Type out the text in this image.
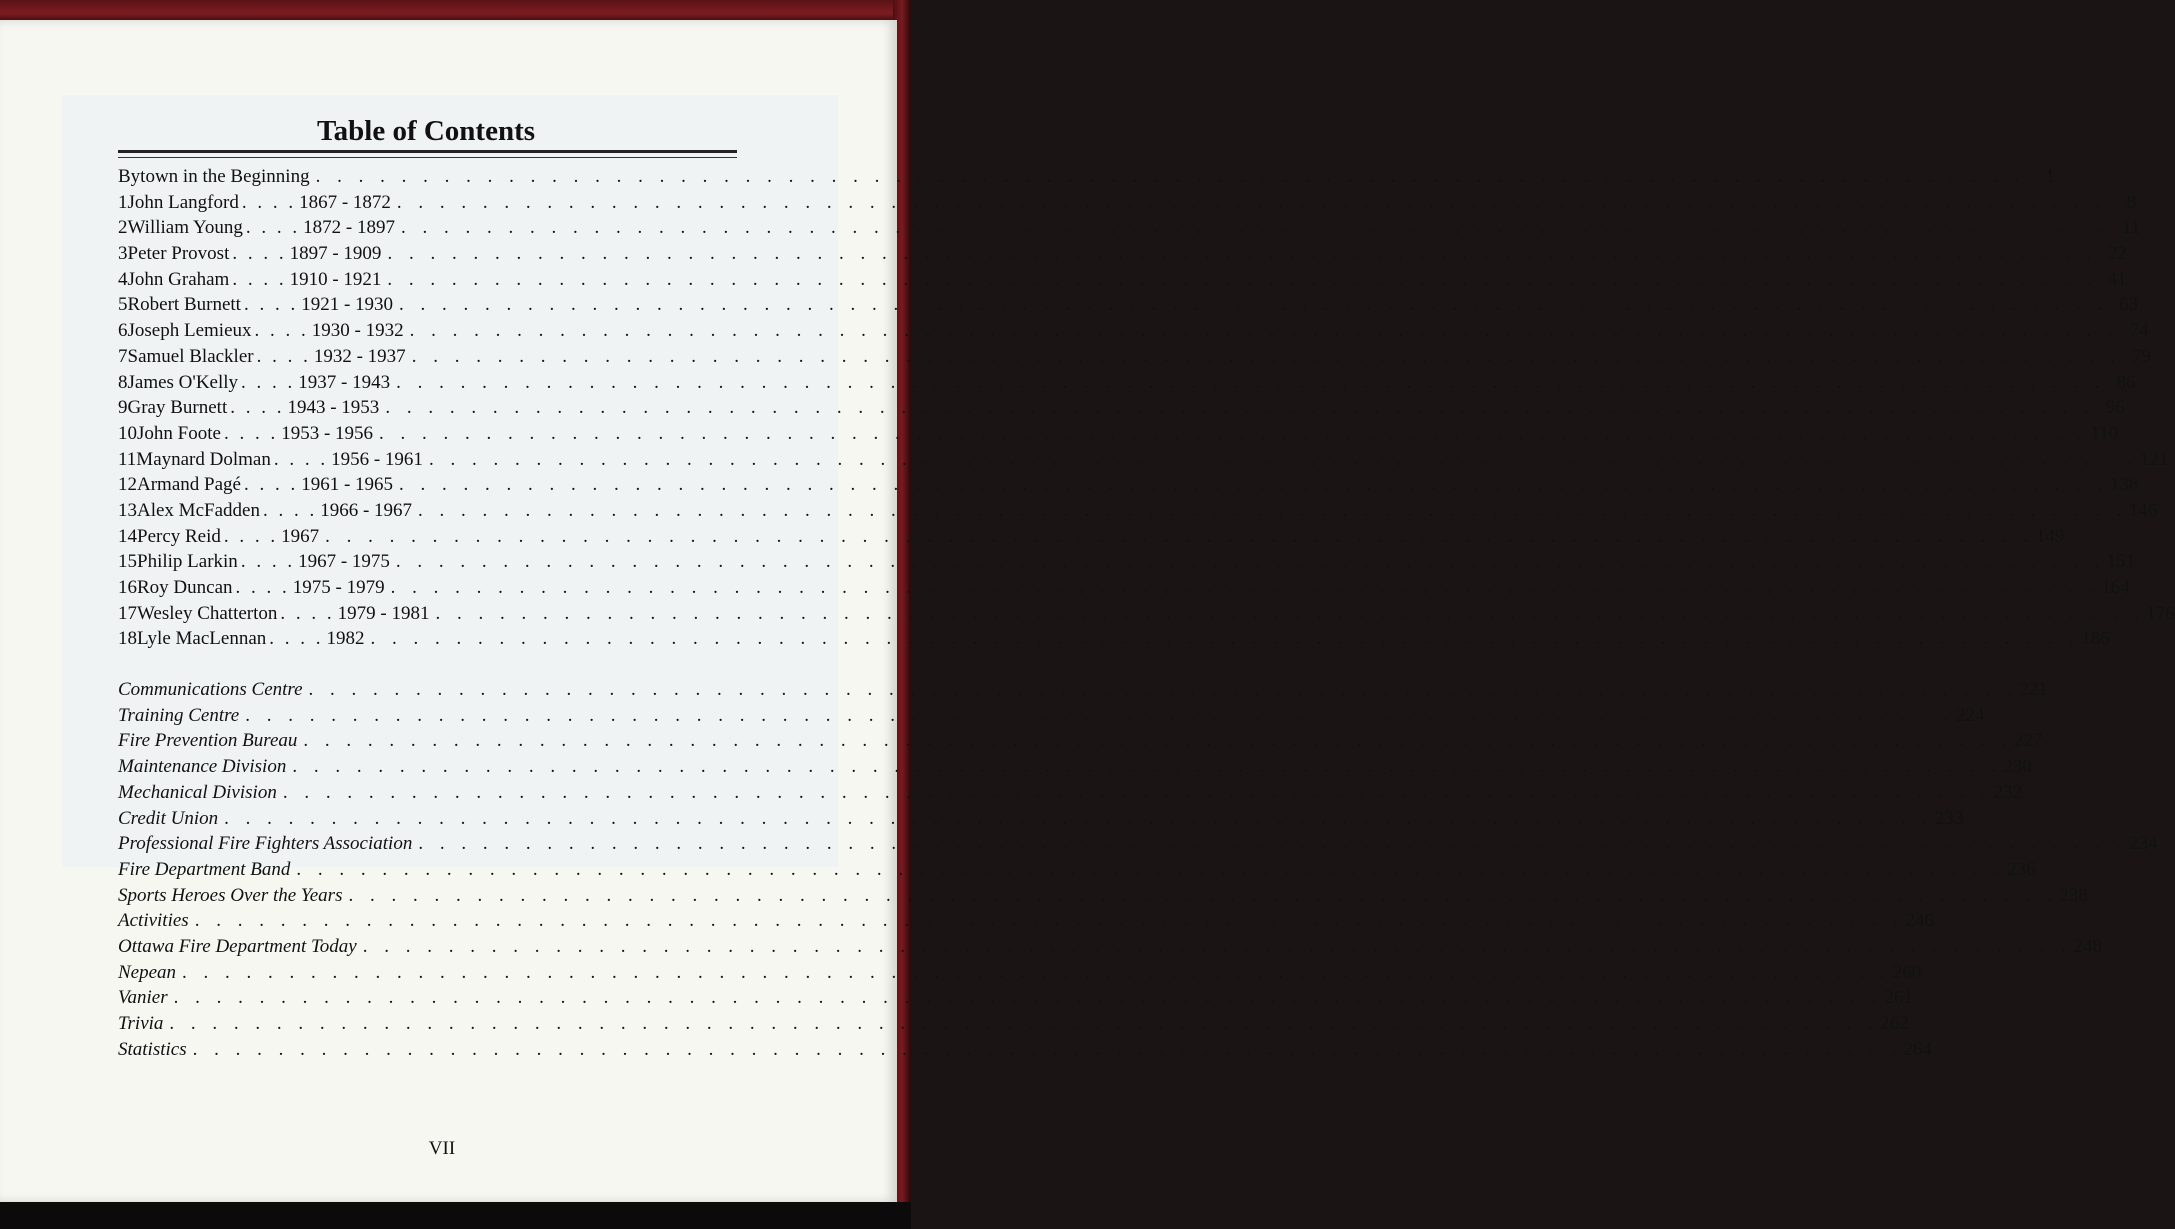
Table of Contents
Bytown in the Beginning . . . . . . . . . . . . . . . . . . . . . . . . . . . . . . . . . . . . . . . . . . . . . . . . . . . . . . . . . . . . . . . . . . . . . . . . . . . . . . . .	1
1 John Langford . . . . 1867 - 1872 . . . . . . . . . . . . . . . . . . . . . . . . . . . . . . . . . . . . . . . . . . . . . . . . . . . . . . . . . . . . . . . . . . . . . . . . . . . . . . . .	8
2 William Young . . . . 1872 - 1897 . . . . . . . . . . . . . . . . . . . . . . . . . . . . . . . . . . . . . . . . . . . . . . . . . . . . . . . . . . . . . . . . . . . . . . . . . . . . . . . . 11
3 Peter Provost . . . . 1897 - 1909 . . . . . . . . . . . . . . . . . . . . . . . . . . . . . . . . . . . . . . . . . . . . . . . . . . . . . . . . . . . . . . . . . . . . . . . . . . . . . . . . 22
4 John Graham . . . . 1910 - 1921 . . . . . . . . . . . . . . . . . . . . . . . . . . . . . . . . . . . . . . . . . . . . . . . . . . . . . . . . . . . . . . . . . . . . . . . . . . . . . . . . 41
5 Robert Burnett . . . . 1921 - 1930 . . . . . . . . . . . . . . . . . . . . . . . . . . . . . . . . . . . . . . . . . . . . . . . . . . . . . . . . . . . . . . . . . . . . . . . . . . . . . . . . 63
6 Joseph Lemieux . . . . 1930 - 1932 . . . . . . . . . . . . . . . . . . . . . . . . . . . . . . . . . . . . . . . . . . . . . . . . . . . . . . . . . . . . . . . . . . . . . . . . . . . . . . . . 74
7 Samuel Blackler . . . . 1932 - 1937 . . . . . . . . . . . . . . . . . . . . . . . . . . . . . . . . . . . . . . . . . . . . . . . . . . . . . . . . . . . . . . . . . . . . . . . . . . . . . . . . 79
8 James O'Kelly . . . . 1937 - 1943 . . . . . . . . . . . . . . . . . . . . . . . . . . . . . . . . . . . . . . . . . . . . . . . . . . . . . . . . . . . . . . . . . . . . . . . . . . . . . . . . 86
9 Gray Burnett . . . . 1943 - 1953 . . . . . . . . . . . . . . . . . . . . . . . . . . . . . . . . . . . . . . . . . . . . . . . . . . . . . . . . . . . . . . . . . . . . . . . . . . . . . . . . 96
10 John Foote . . . . 1953 - 1956 . . . . . . . . . . . . . . . . . . . . . . . . . . . . . . . . . . . . . . . . . . . . . . . . . . . . . . . . . . . . . . . . . . . . . . . . . . . . . . . . 110
11 Maynard Dolman . . . . 1956 - 1961 . . . . . . . . . . . . . . . . . . . . . . . . . . . . . . . . . . . . . . . . . . . . . . . . . . . . . . . . . . . . . . . . . . . . . . . . . . . . . . . . 121
12 Armand Pagé . . . . 1961 - 1965 . . . . . . . . . . . . . . . . . . . . . . . . . . . . . . . . . . . . . . . . . . . . . . . . . . . . . . . . . . . . . . . . . . . . . . . . . . . . . . . . 138
13 Alex McFadden . . . . 1966 - 1967 . . . . . . . . . . . . . . . . . . . . . . . . . . . . . . . . . . . . . . . . . . . . . . . . . . . . . . . . . . . . . . . . . . . . . . . . . . . . . . . . 146
14 Percy Reid . . . . 1967 . . . . . . . . . . . . . . . . . . . . . . . . . . . . . . . . . . . . . . . . . . . . . . . . . . . . . . . . . . . . . . . . . . . . . . . . . . . . . . . . 149
15 Philip Larkin . . . . 1967 - 1975 . . . . . . . . . . . . . . . . . . . . . . . . . . . . . . . . . . . . . . . . . . . . . . . . . . . . . . . . . . . . . . . . . . . . . . . . . . . . . . . . 151
16 Roy Duncan . . . . 1975 - 1979 . . . . . . . . . . . . . . . . . . . . . . . . . . . . . . . . . . . . . . . . . . . . . . . . . . . . . . . . . . . . . . . . . . . . . . . . . . . . . . . . 164
17 Wesley Chatterton . . . . 1979 - 1981 . . . . . . . . . . . . . . . . . . . . . . . . . . . . . . . . . . . . . . . . . . . . . . . . . . . . . . . . . . . . . . . . . . . . . . . . . . . . . . . . 176
18 Lyle MacLennan . . . . 1982 . . . . . . . . . . . . . . . . . . . . . . . . . . . . . . . . . . . . . . . . . . . . . . . . . . . . . . . . . . . . . . . . . . . . . . . . . . . . . . . . 186
Communications Centre . . . . . . . . . . . . . . . . . . . . . . . . . . . . . . . . . . . . . . . . . . . . . . . . . . . . . . . . . . . . . . . . . . . . . . . . . . . . . . . . 221
Training Centre . . . . . . . . . . . . . . . . . . . . . . . . . . . . . . . . . . . . . . . . . . . . . . . . . . . . . . . . . . . . . . . . . . . . . . . . . . . . . . . . 224
Fire Prevention Bureau . . . . . . . . . . . . . . . . . . . . . . . . . . . . . . . . . . . . . . . . . . . . . . . . . . . . . . . . . . . . . . . . . . . . . . . . . . . . . . . . 227
Maintenance Division . . . . . . . . . . . . . . . . . . . . . . . . . . . . . . . . . . . . . . . . . . . . . . . . . . . . . . . . . . . . . . . . . . . . . . . . . . . . . . . . 230
Mechanical Division . . . . . . . . . . . . . . . . . . . . . . . . . . . . . . . . . . . . . . . . . . . . . . . . . . . . . . . . . . . . . . . . . . . . . . . . . . . . . . . . 232
Credit Union . . . . . . . . . . . . . . . . . . . . . . . . . . . . . . . . . . . . . . . . . . . . . . . . . . . . . . . . . . . . . . . . . . . . . . . . . . . . . . . . 233
Professional Fire Fighters Association . . . . . . . . . . . . . . . . . . . . . . . . . . . . . . . . . . . . . . . . . . . . . . . . . . . . . . . . . . . . . . . . . . . . . . . . . . . . . . . . 234
Fire Department Band . . . . . . . . . . . . . . . . . . . . . . . . . . . . . . . . . . . . . . . . . . . . . . . . . . . . . . . . . . . . . . . . . . . . . . . . . . . . . . . . 236
Sports Heroes Over the Years . . . . . . . . . . . . . . . . . . . . . . . . . . . . . . . . . . . . . . . . . . . . . . . . . . . . . . . . . . . . . . . . . . . . . . . . . . . . . . . . 238
Activities . . . . . . . . . . . . . . . . . . . . . . . . . . . . . . . . . . . . . . . . . . . . . . . . . . . . . . . . . . . . . . . . . . . . . . . . . . . . . . . . 246
Ottawa Fire Department Today . . . . . . . . . . . . . . . . . . . . . . . . . . . . . . . . . . . . . . . . . . . . . . . . . . . . . . . . . . . . . . . . . . . . . . . . . . . . . . . . 248
Nepean . . . . . . . . . . . . . . . . . . . . . . . . . . . . . . . . . . . . . . . . . . . . . . . . . . . . . . . . . . . . . . . . . . . . . . . . . . . . . . . . 260
Vanier . . . . . . . . . . . . . . . . . . . . . . . . . . . . . . . . . . . . . . . . . . . . . . . . . . . . . . . . . . . . . . . . . . . . . . . . . . . . . . . . 261
Trivia . . . . . . . . . . . . . . . . . . . . . . . . . . . . . . . . . . . . . . . . . . . . . . . . . . . . . . . . . . . . . . . . . . . . . . . . . . . . . . . . 262
Statistics . . . . . . . . . . . . . . . . . . . . . . . . . . . . . . . . . . . . . . . . . . . . . . . . . . . . . . . . . . . . . . . . . . . . . . . . . . . . . . . . 264
VII
